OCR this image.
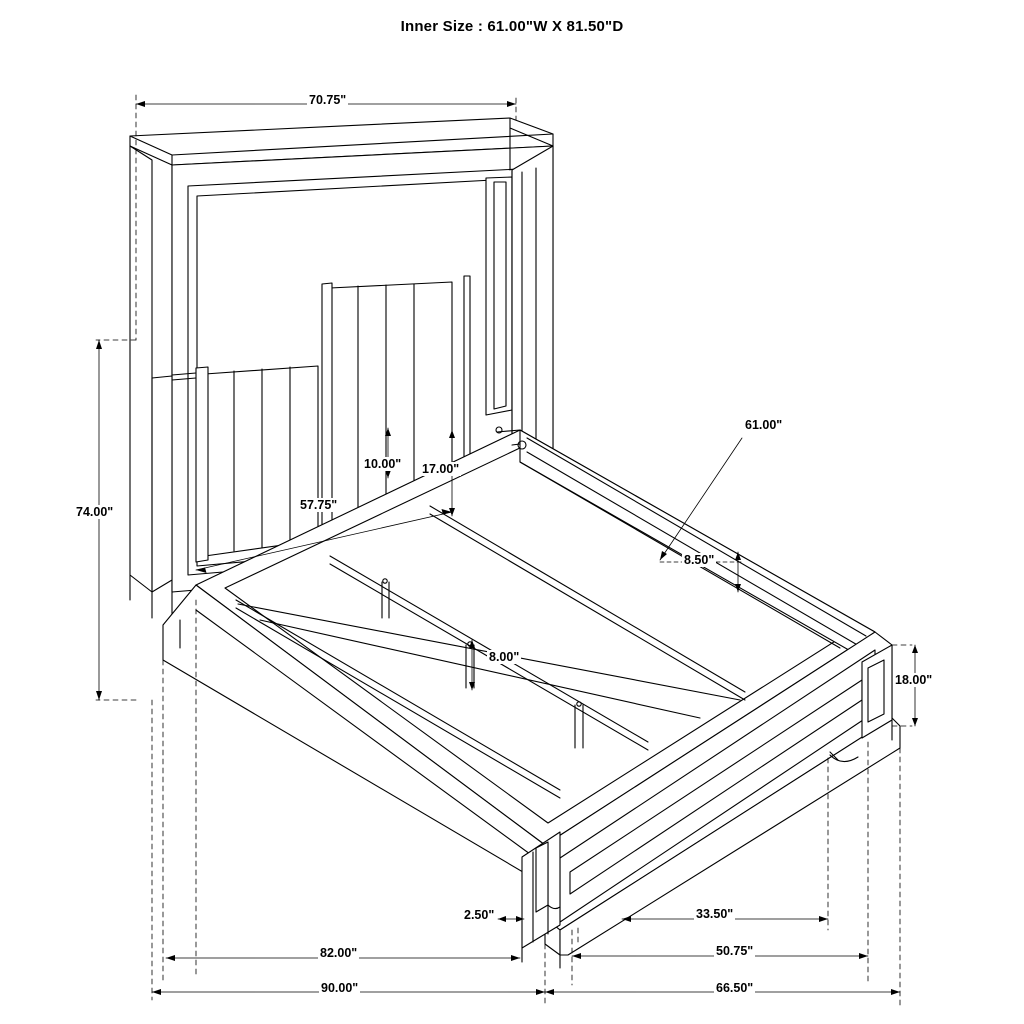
Inner Size : 61.00"W X 81.50"D
70.75"
74.00"	57.75"
10.00" 17.00"
61.00"
8.50"
8.00"
18.00"
2.50"	33.50"
82.00"	50.75"
90.00"	66.50"
